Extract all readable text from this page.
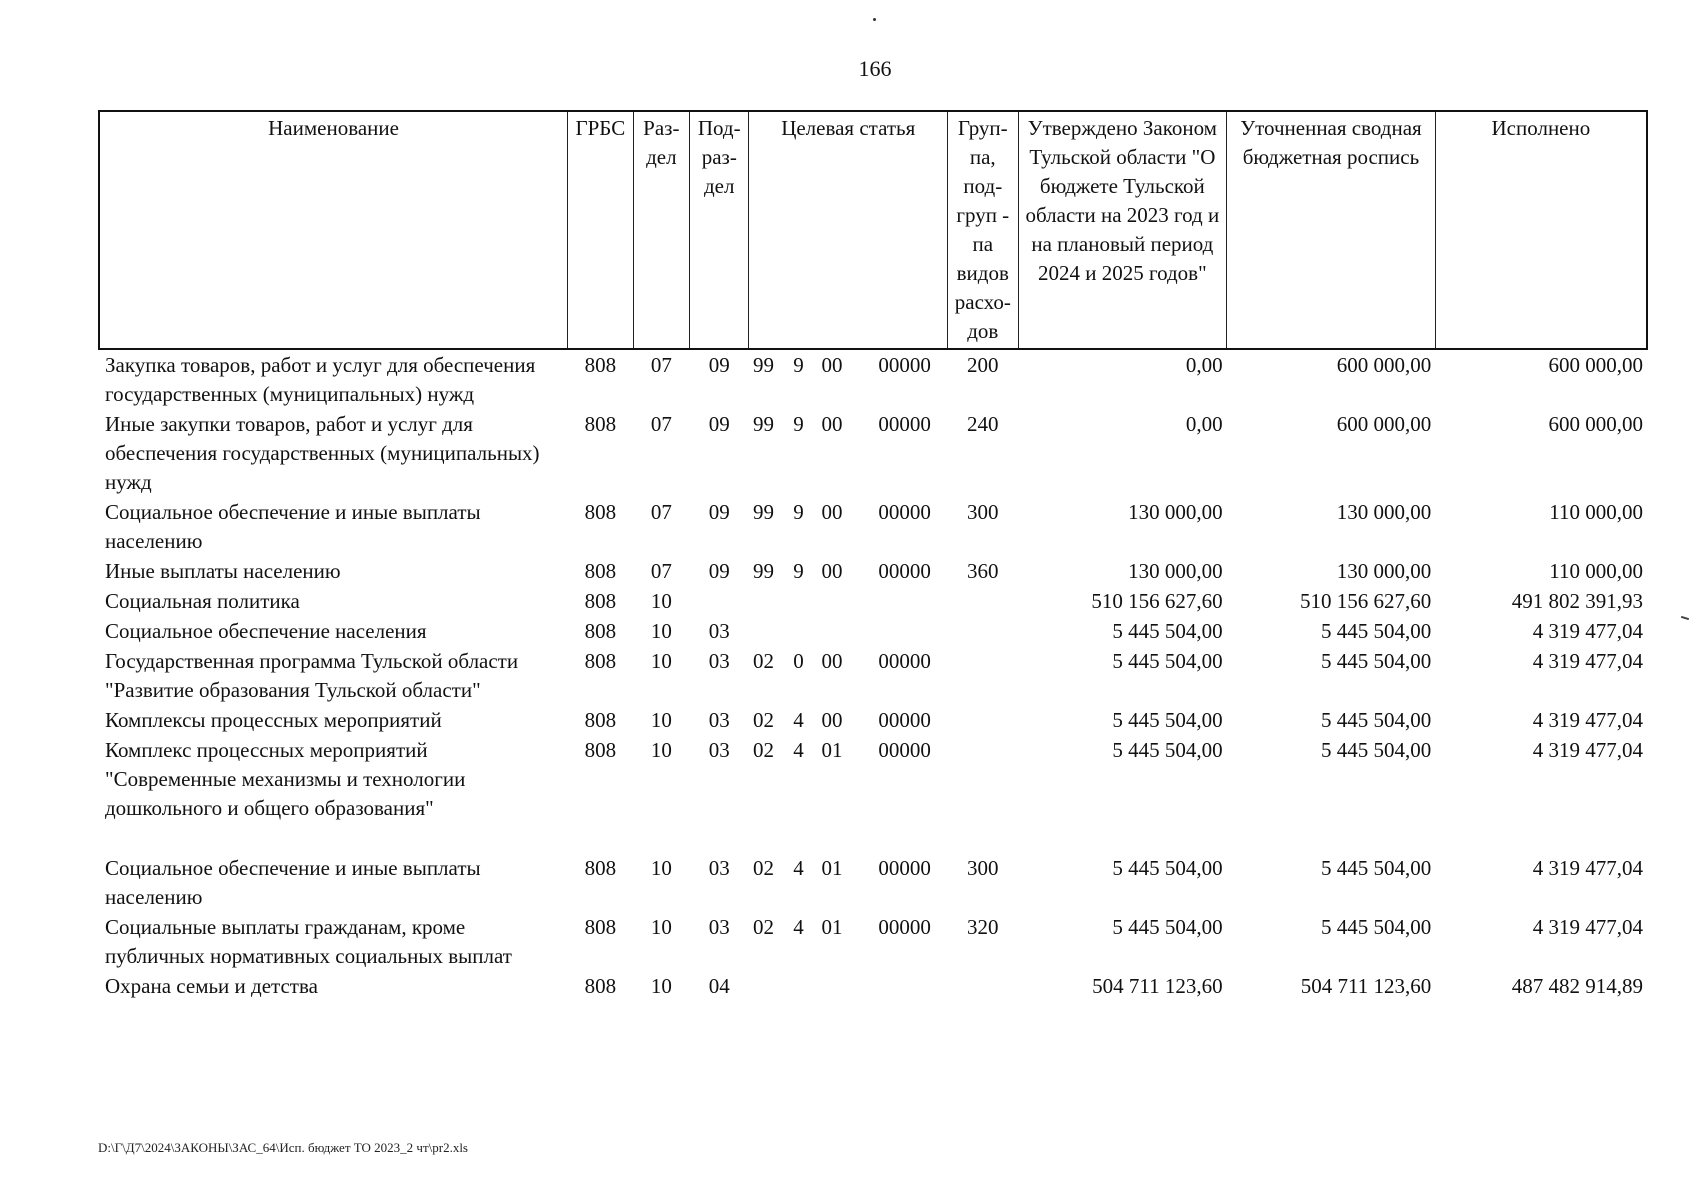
166
Наименование	ГРБС	Раз-дел	Под-раз-дел	Целевая статья				Груп-па, под-груп - па видов расхо-дов	Утверждено Законом Тульской области "О бюджете Тульской области на 2023 год и на плановый период 2024 и 2025 годов"	Уточненная сводная бюджетная роспись	Исполнено
Закупка товаров, работ и услуг для обеспечения государственных (муниципальных) нужд	808	07	09	99	9	00	00000	200	0,00	600 000,00	600 000,00
Иные закупки товаров, работ и услуг для обеспечения государственных (муниципальных) нужд	808	07	09	99	9	00	00000	240	0,00	600 000,00	600 000,00
Социальное обеспечение и иные выплаты населению	808	07	09	99	9	00	00000	300	130 000,00	130 000,00	110 000,00
Иные выплаты населению	808	07	09	99	9	00	00000	360	130 000,00	130 000,00	110 000,00
Социальная политика	808	10							510 156 627,60	510 156 627,60	491 802 391,93
Социальное обеспечение населения	808	10	03						5 445 504,00	5 445 504,00	4 319 477,04
Государственная программа Тульской области "Развитие образования Тульской области"	808	10	03	02	0	00	00000		5 445 504,00	5 445 504,00	4 319 477,04
Комплексы процессных мероприятий	808	10	03	02	4	00	00000		5 445 504,00	5 445 504,00	4 319 477,04
Комплекс процессных мероприятий "Современные механизмы и технологии дошкольного и общего образования"	808	10	03	02	4	01	00000		5 445 504,00	5 445 504,00	4 319 477,04
Социальное обеспечение и иные выплаты населению	808	10	03	02	4	01	00000	300	5 445 504,00	5 445 504,00	4 319 477,04
Социальные выплаты гражданам, кроме публичных нормативных социальных выплат	808	10	03	02	4	01	00000	320	5 445 504,00	5 445 504,00	4 319 477,04
Охрана семьи и детства	808	10	04						504 711 123,60	504 711 123,60	487 482 914,89
D:\Г\Д7\2024\ЗАКОНЫ\ЗАС_64\Исп. бюджет ТО 2023_2 чт\pr2.xls
